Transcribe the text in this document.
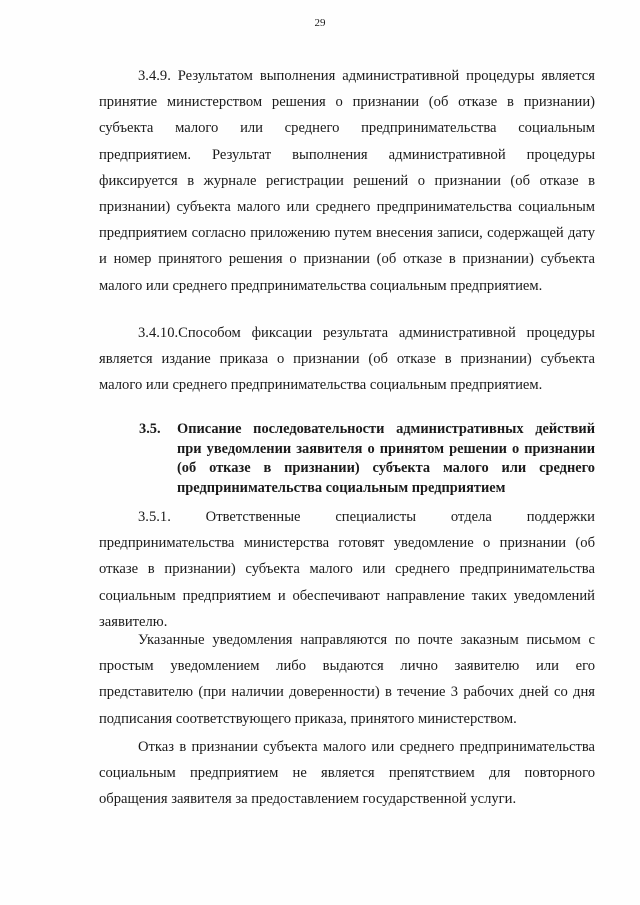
29

3.4.9. Результатом выполнения административной процедуры является принятие министерством решения о признании (об отказе в признании) субъекта малого или среднего предпринимательства социальным предприятием. Результат выполнения административной процедуры фиксируется в журнале регистрации решений о признании (об отказе в признании) субъекта малого или среднего предпринимательства социальным предприятием согласно приложению путем внесения записи, содержащей дату и номер принятого решения о признании (об отказе в признании) субъекта малого или среднего предпринимательства социальным предприятием.

3.4.10.Способом фиксации результата административной процедуры является издание приказа о признании (об отказе в признании) субъекта малого или среднего предпринимательства социальным предприятием.

3.5. Описание последовательности административных действий при уведомлении заявителя о принятом решении о признании (об отказе в признании) субъекта малого или среднего предпринимательства социальным предприятием

3.5.1. Ответственные специалисты отдела поддержки предпринимательства министерства готовят уведомление о признании (об отказе в признании) субъекта малого или среднего предпринимательства социальным предприятием и обеспечивают направление таких уведомлений заявителю.

Указанные уведомления направляются по почте заказным письмом с простым уведомлением либо выдаются лично заявителю или его представителю (при наличии доверенности) в течение 3 рабочих дней со дня подписания соответствующего приказа, принятого министерством.

Отказ в признании субъекта малого или среднего предпринимательства социальным предприятием не является препятствием для повторного обращения заявителя за предоставлением государственной услуги.
